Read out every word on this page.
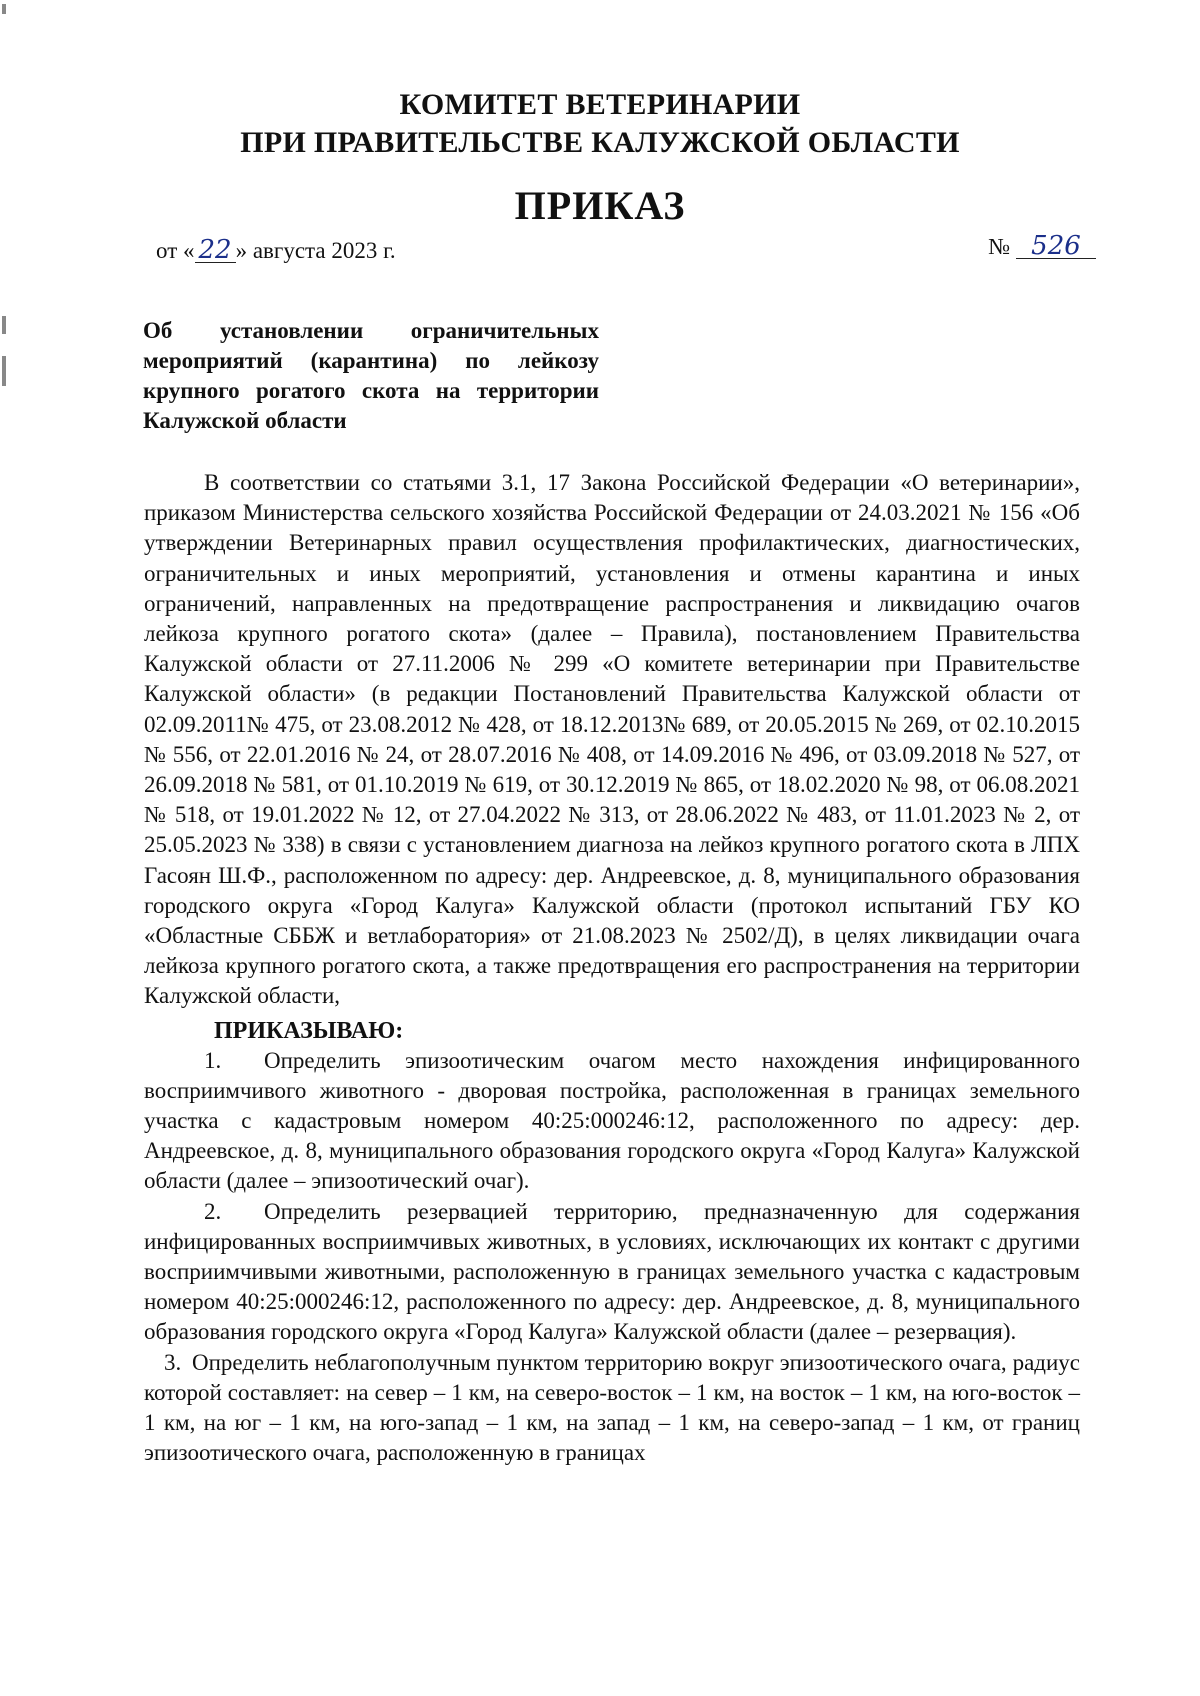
КОМИТЕТ ВЕТЕРИНАРИИ
ПРИ ПРАВИТЕЛЬСТВЕ КАЛУЖСКОЙ ОБЛАСТИ
ПРИКАЗ
от « 22 » августа 2023 г.	№ 526
Об установлении ограничительных мероприятий (карантина) по лейкозу крупного рогатого скота на территории Калужской области

В соответствии со статьями 3.1, 17 Закона Российской Федерации «О ветеринарии», приказом Министерства сельского хозяйства Российской Федерации от 24.03.2021 № 156 «Об утверждении Ветеринарных правил осуществления профилактических, диагностических, ограничительных и иных мероприятий, установления и отмены карантина и иных ограничений, направленных на предотвращение распространения и ликвидацию очагов лейкоза крупного рогатого скота» (далее – Правила), постановлением Правительства Калужской области от 27.11.2006 № 299 «О комитете ветеринарии при Правительстве Калужской области» (в редакции Постановлений Правительства Калужской области от 02.09.2011№ 475, от 23.08.2012 № 428, от 18.12.2013№ 689, от 20.05.2015 № 269, от 02.10.2015 № 556, от 22.01.2016 № 24, от 28.07.2016 № 408, от 14.09.2016 № 496, от 03.09.2018 № 527, от 26.09.2018 № 581, от 01.10.2019 № 619, от 30.12.2019 № 865, от 18.02.2020 № 98, от 06.08.2021 № 518, от 19.01.2022 № 12, от 27.04.2022 № 313, от 28.06.2022 № 483, от 11.01.2023 № 2, от 25.05.2023 № 338) в связи с установлением диагноза на лейкоз крупного рогатого скота в ЛПХ Гасоян Ш.Ф., расположенном по адресу: дер. Андреевское, д. 8, муниципального образования городского округа «Город Калуга» Калужской области (протокол испытаний ГБУ КО «Областные СББЖ и ветлаборатория» от 21.08.2023 № 2502/Д), в целях ликвидации очага лейкоза крупного рогатого скота, а также предотвращения его распространения на территории Калужской области,

ПРИКАЗЫВАЮ:

1. Определить эпизоотическим очагом место нахождения инфицированного восприимчивого животного - дворовая постройка, расположенная в границах земельного участка с кадастровым номером 40:25:000246:12, расположенного по адресу: дер. Андреевское, д. 8, муниципального образования городского округа «Город Калуга» Калужской области (далее – эпизоотический очаг).

2. Определить резервацией территорию, предназначенную для содержания инфицированных восприимчивых животных, в условиях, исключающих их контакт с другими восприимчивыми животными, расположенную в границах земельного участка с кадастровым номером 40:25:000246:12, расположенного по адресу: дер. Андреевское, д. 8, муниципального образования городского округа «Город Калуга» Калужской области (далее – резервация).

3. Определить неблагополучным пунктом территорию вокруг эпизоотического очага, радиус которой составляет: на север – 1 км, на северо-восток – 1 км, на восток – 1 км, на юго-восток – 1 км, на юг – 1 км, на юго-запад – 1 км, на запад – 1 км, на северо-запад – 1 км, от границ эпизоотического очага, расположенную в границах
